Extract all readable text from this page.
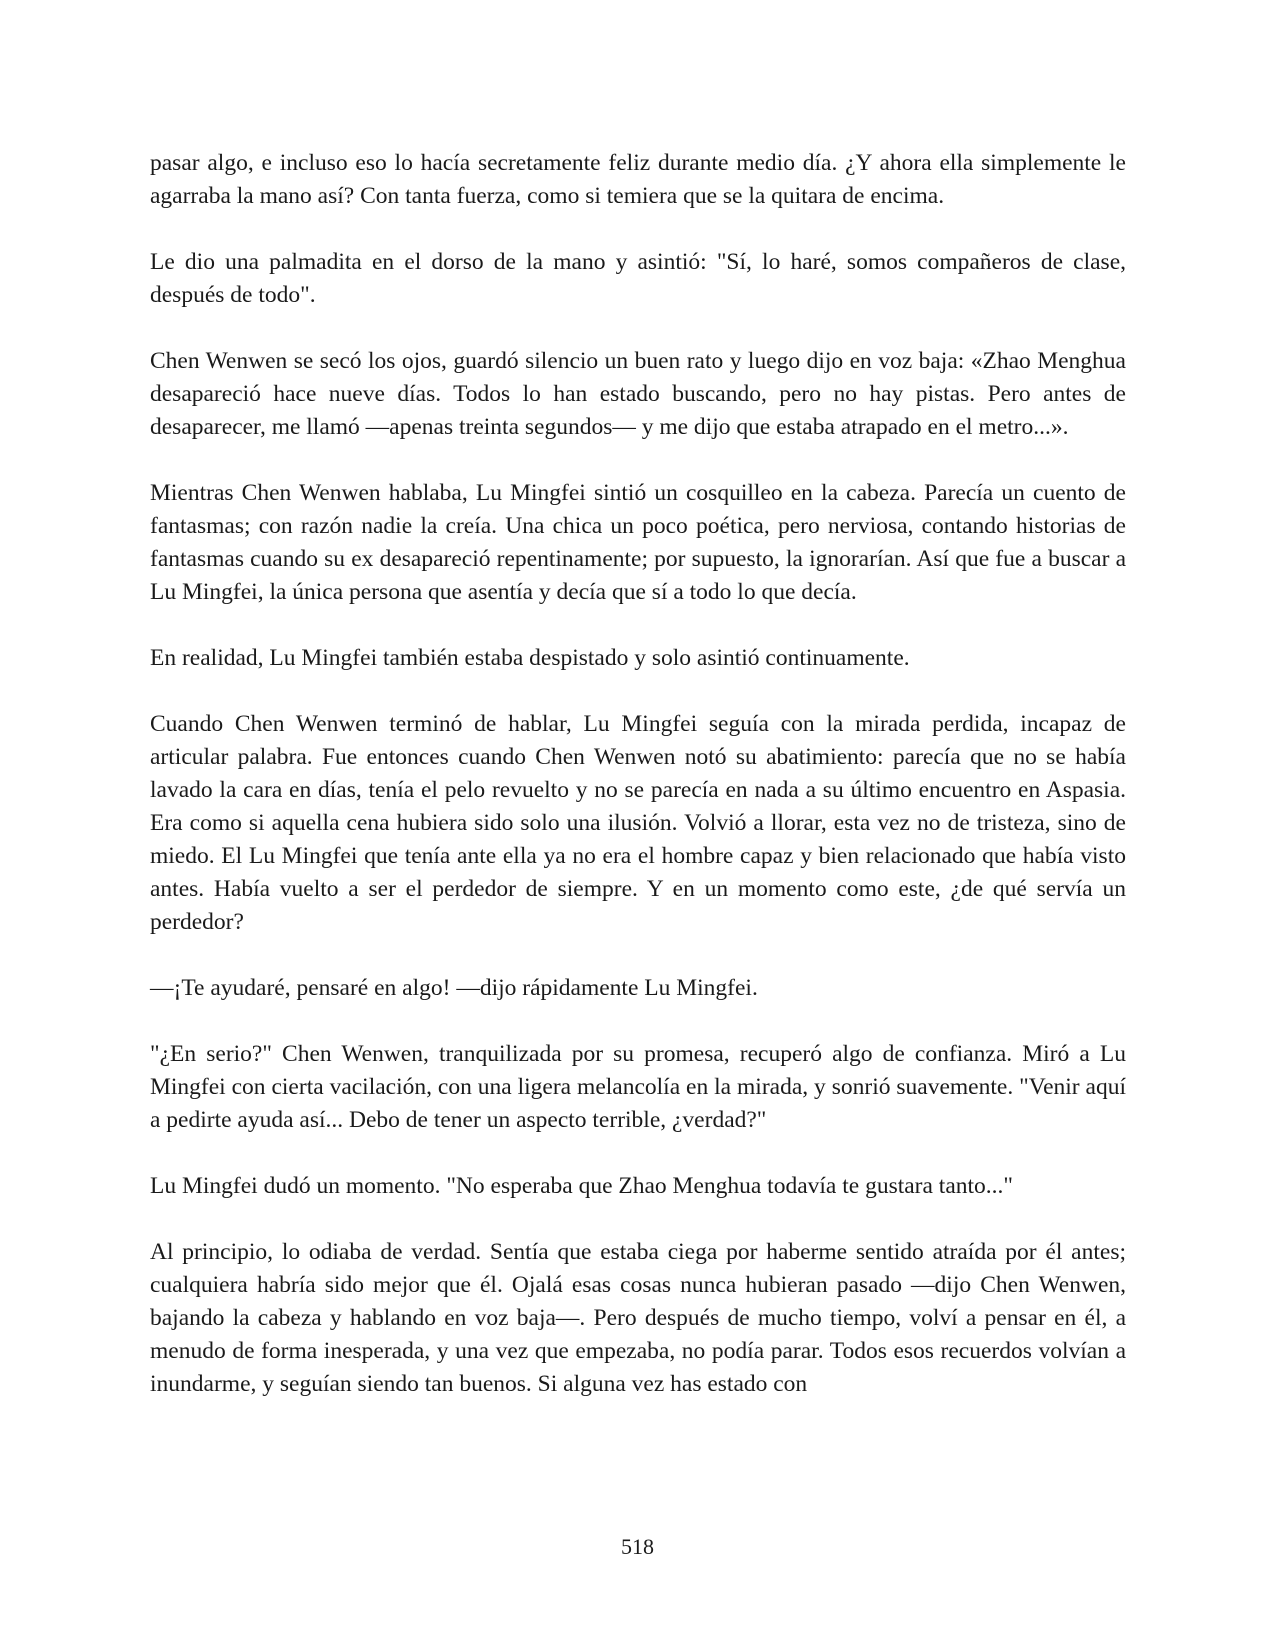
pasar algo, e incluso eso lo hacía secretamente feliz durante medio día. ¿Y ahora ella simplemente le agarraba la mano así? Con tanta fuerza, como si temiera que se la quitara de encima.

Le dio una palmadita en el dorso de la mano y asintió: "Sí, lo haré, somos compañeros de clase, después de todo".

Chen Wenwen se secó los ojos, guardó silencio un buen rato y luego dijo en voz baja: «Zhao Menghua desapareció hace nueve días. Todos lo han estado buscando, pero no hay pistas. Pero antes de desaparecer, me llamó —apenas treinta segundos— y me dijo que estaba atrapado en el metro...».

Mientras Chen Wenwen hablaba, Lu Mingfei sintió un cosquilleo en la cabeza. Parecía un cuento de fantasmas; con razón nadie la creía. Una chica un poco poética, pero nerviosa, contando historias de fantasmas cuando su ex desapareció repentinamente; por supuesto, la ignorarían. Así que fue a buscar a Lu Mingfei, la única persona que asentía y decía que sí a todo lo que decía.

En realidad, Lu Mingfei también estaba despistado y solo asintió continuamente.

Cuando Chen Wenwen terminó de hablar, Lu Mingfei seguía con la mirada perdida, incapaz de articular palabra. Fue entonces cuando Chen Wenwen notó su abatimiento: parecía que no se había lavado la cara en días, tenía el pelo revuelto y no se parecía en nada a su último encuentro en Aspasia. Era como si aquella cena hubiera sido solo una ilusión. Volvió a llorar, esta vez no de tristeza, sino de miedo. El Lu Mingfei que tenía ante ella ya no era el hombre capaz y bien relacionado que había visto antes. Había vuelto a ser el perdedor de siempre. Y en un momento como este, ¿de qué servía un perdedor?

—¡Te ayudaré, pensaré en algo! —dijo rápidamente Lu Mingfei.

"¿En serio?" Chen Wenwen, tranquilizada por su promesa, recuperó algo de confianza. Miró a Lu Mingfei con cierta vacilación, con una ligera melancolía en la mirada, y sonrió suavemente. "Venir aquí a pedirte ayuda así... Debo de tener un aspecto terrible, ¿verdad?"

Lu Mingfei dudó un momento. "No esperaba que Zhao Menghua todavía te gustara tanto..."

Al principio, lo odiaba de verdad. Sentía que estaba ciega por haberme sentido atraída por él antes; cualquiera habría sido mejor que él. Ojalá esas cosas nunca hubieran pasado —dijo Chen Wenwen, bajando la cabeza y hablando en voz baja—. Pero después de mucho tiempo, volví a pensar en él, a menudo de forma inesperada, y una vez que empezaba, no podía parar. Todos esos recuerdos volvían a inundarme, y seguían siendo tan buenos. Si alguna vez has estado con

518
